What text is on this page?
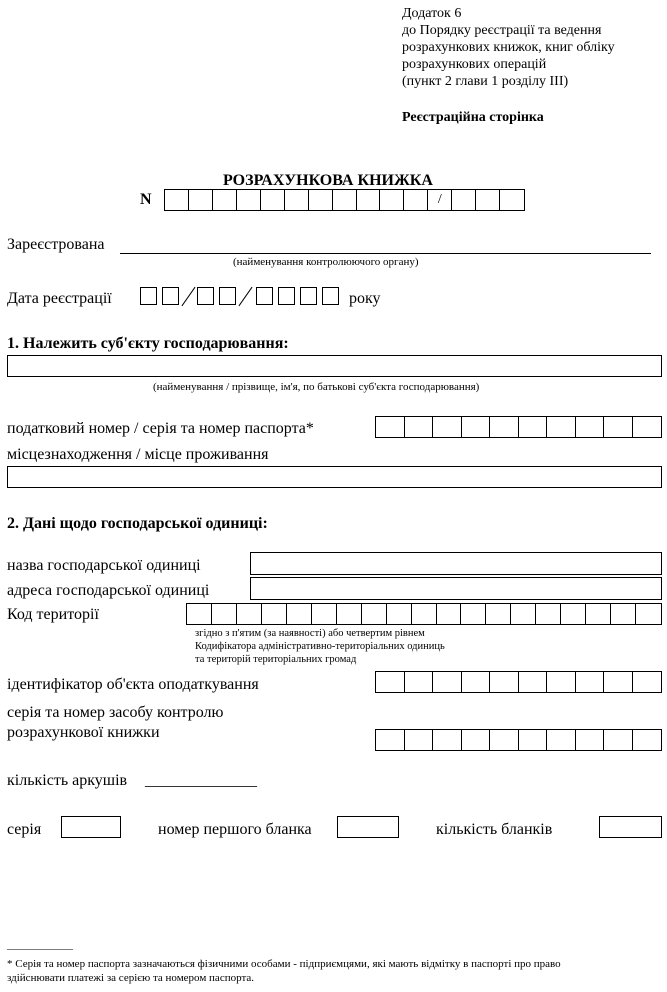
Додаток 6
до Порядку реєстрації та ведення
розрахункових книжок, книг обліку
розрахункових операцій
(пункт 2 глави 1 розділу III)
Реєстраційна сторінка
РОЗРАХУНКОВА КНИЖКА
N	/
Зареєстрована
(найменування контролюючого органу)
Дата реєстрації	року
1. Належить суб'єкту господарювання:
(найменування / прізвище, ім'я, по батькові суб'єкта господарювання)
податковий номер / серія та номер паспорта*
місцезнаходження / місце проживання
2. Дані щодо господарської одиниці:
назва господарської одиниці
адреса господарської одиниці
Код території
згідно з п'ятим (за наявності) або четвертим рівнем
Кодифікатора адміністративно-територіальних одиниць
та територій територіальних громад
ідентифікатор об'єкта оподаткування
серія та номер засобу контролю
розрахункової книжки
кількість аркушів ______________
серія	номер першого бланка	кількість бланків
____________
* Серія та номер паспорта зазначаються фізичними особами - підприємцями, які мають відмітку в паспорті про право
здійснювати платежі за серією та номером паспорта.
